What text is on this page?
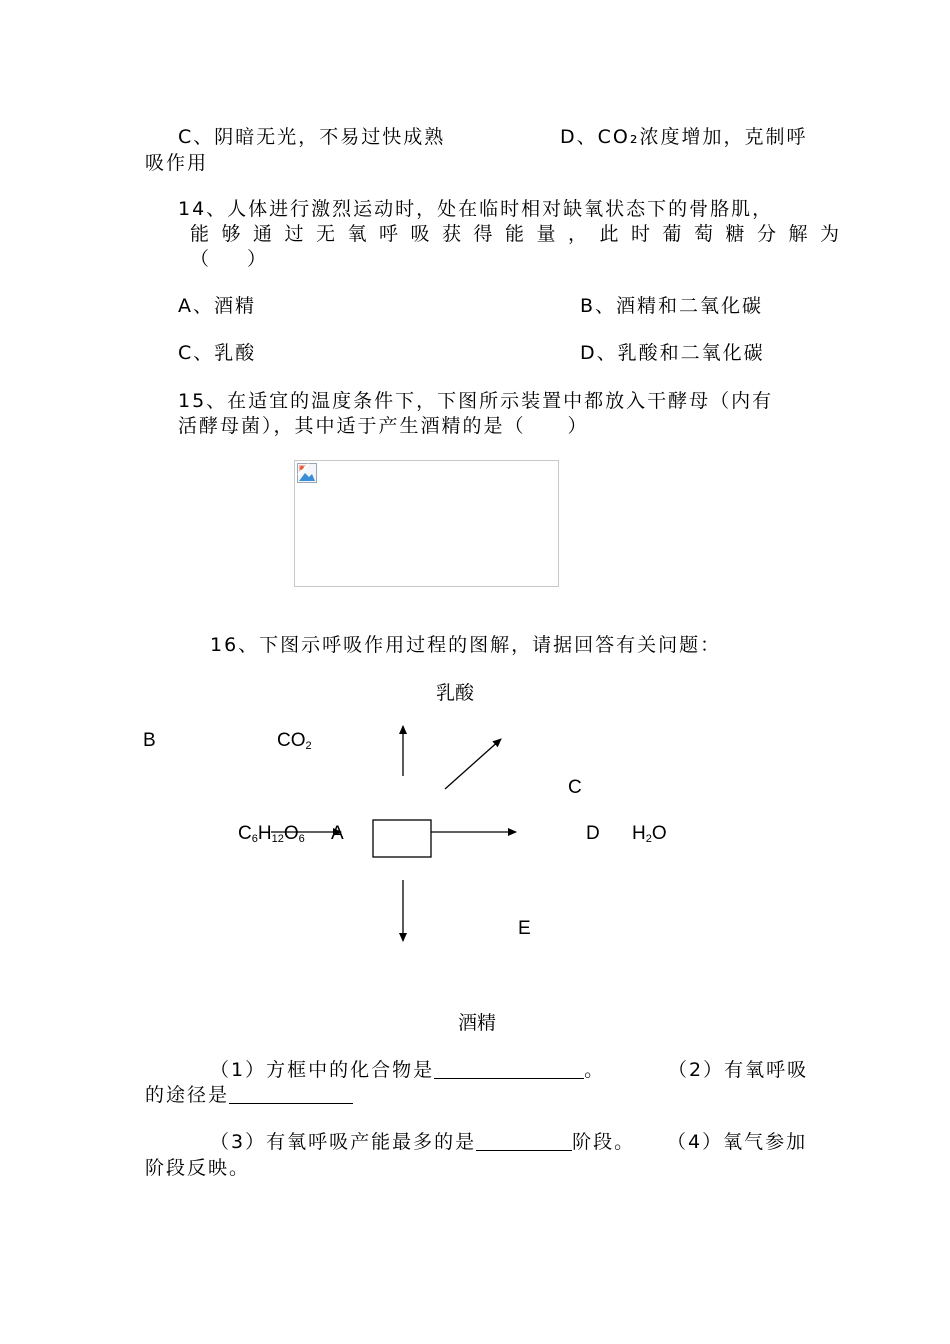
C、阴暗无光，不易过快成熟	D、CO₂浓度增加，克制呼
吸作用
14、人体进行激烈运动时，处在临时相对缺氧状态下的骨胳肌，
能够通过无氧呼吸获得能量，此时葡萄糖分解为
（　　）
A、酒精	B、酒精和二氧化碳
C、乳酸	D、乳酸和二氧化碳
15、在适宜的温度条件下，下图所示装置中都放入干酵母（内有
活酵母菌），其中适于产生酒精的是（　　）
16、下图示呼吸作用过程的图解，请据回答有关问题：
乳酸
B	$CO_2$
C
$C_6H_{12}O_6$ A	D $H_2O$
E
酒精
（1）方框中的化合物是	。	（2）有氧呼吸
的途径是
（3）有氧呼吸产能最多的是	阶段。 （4）氧气参加
阶段反映。
